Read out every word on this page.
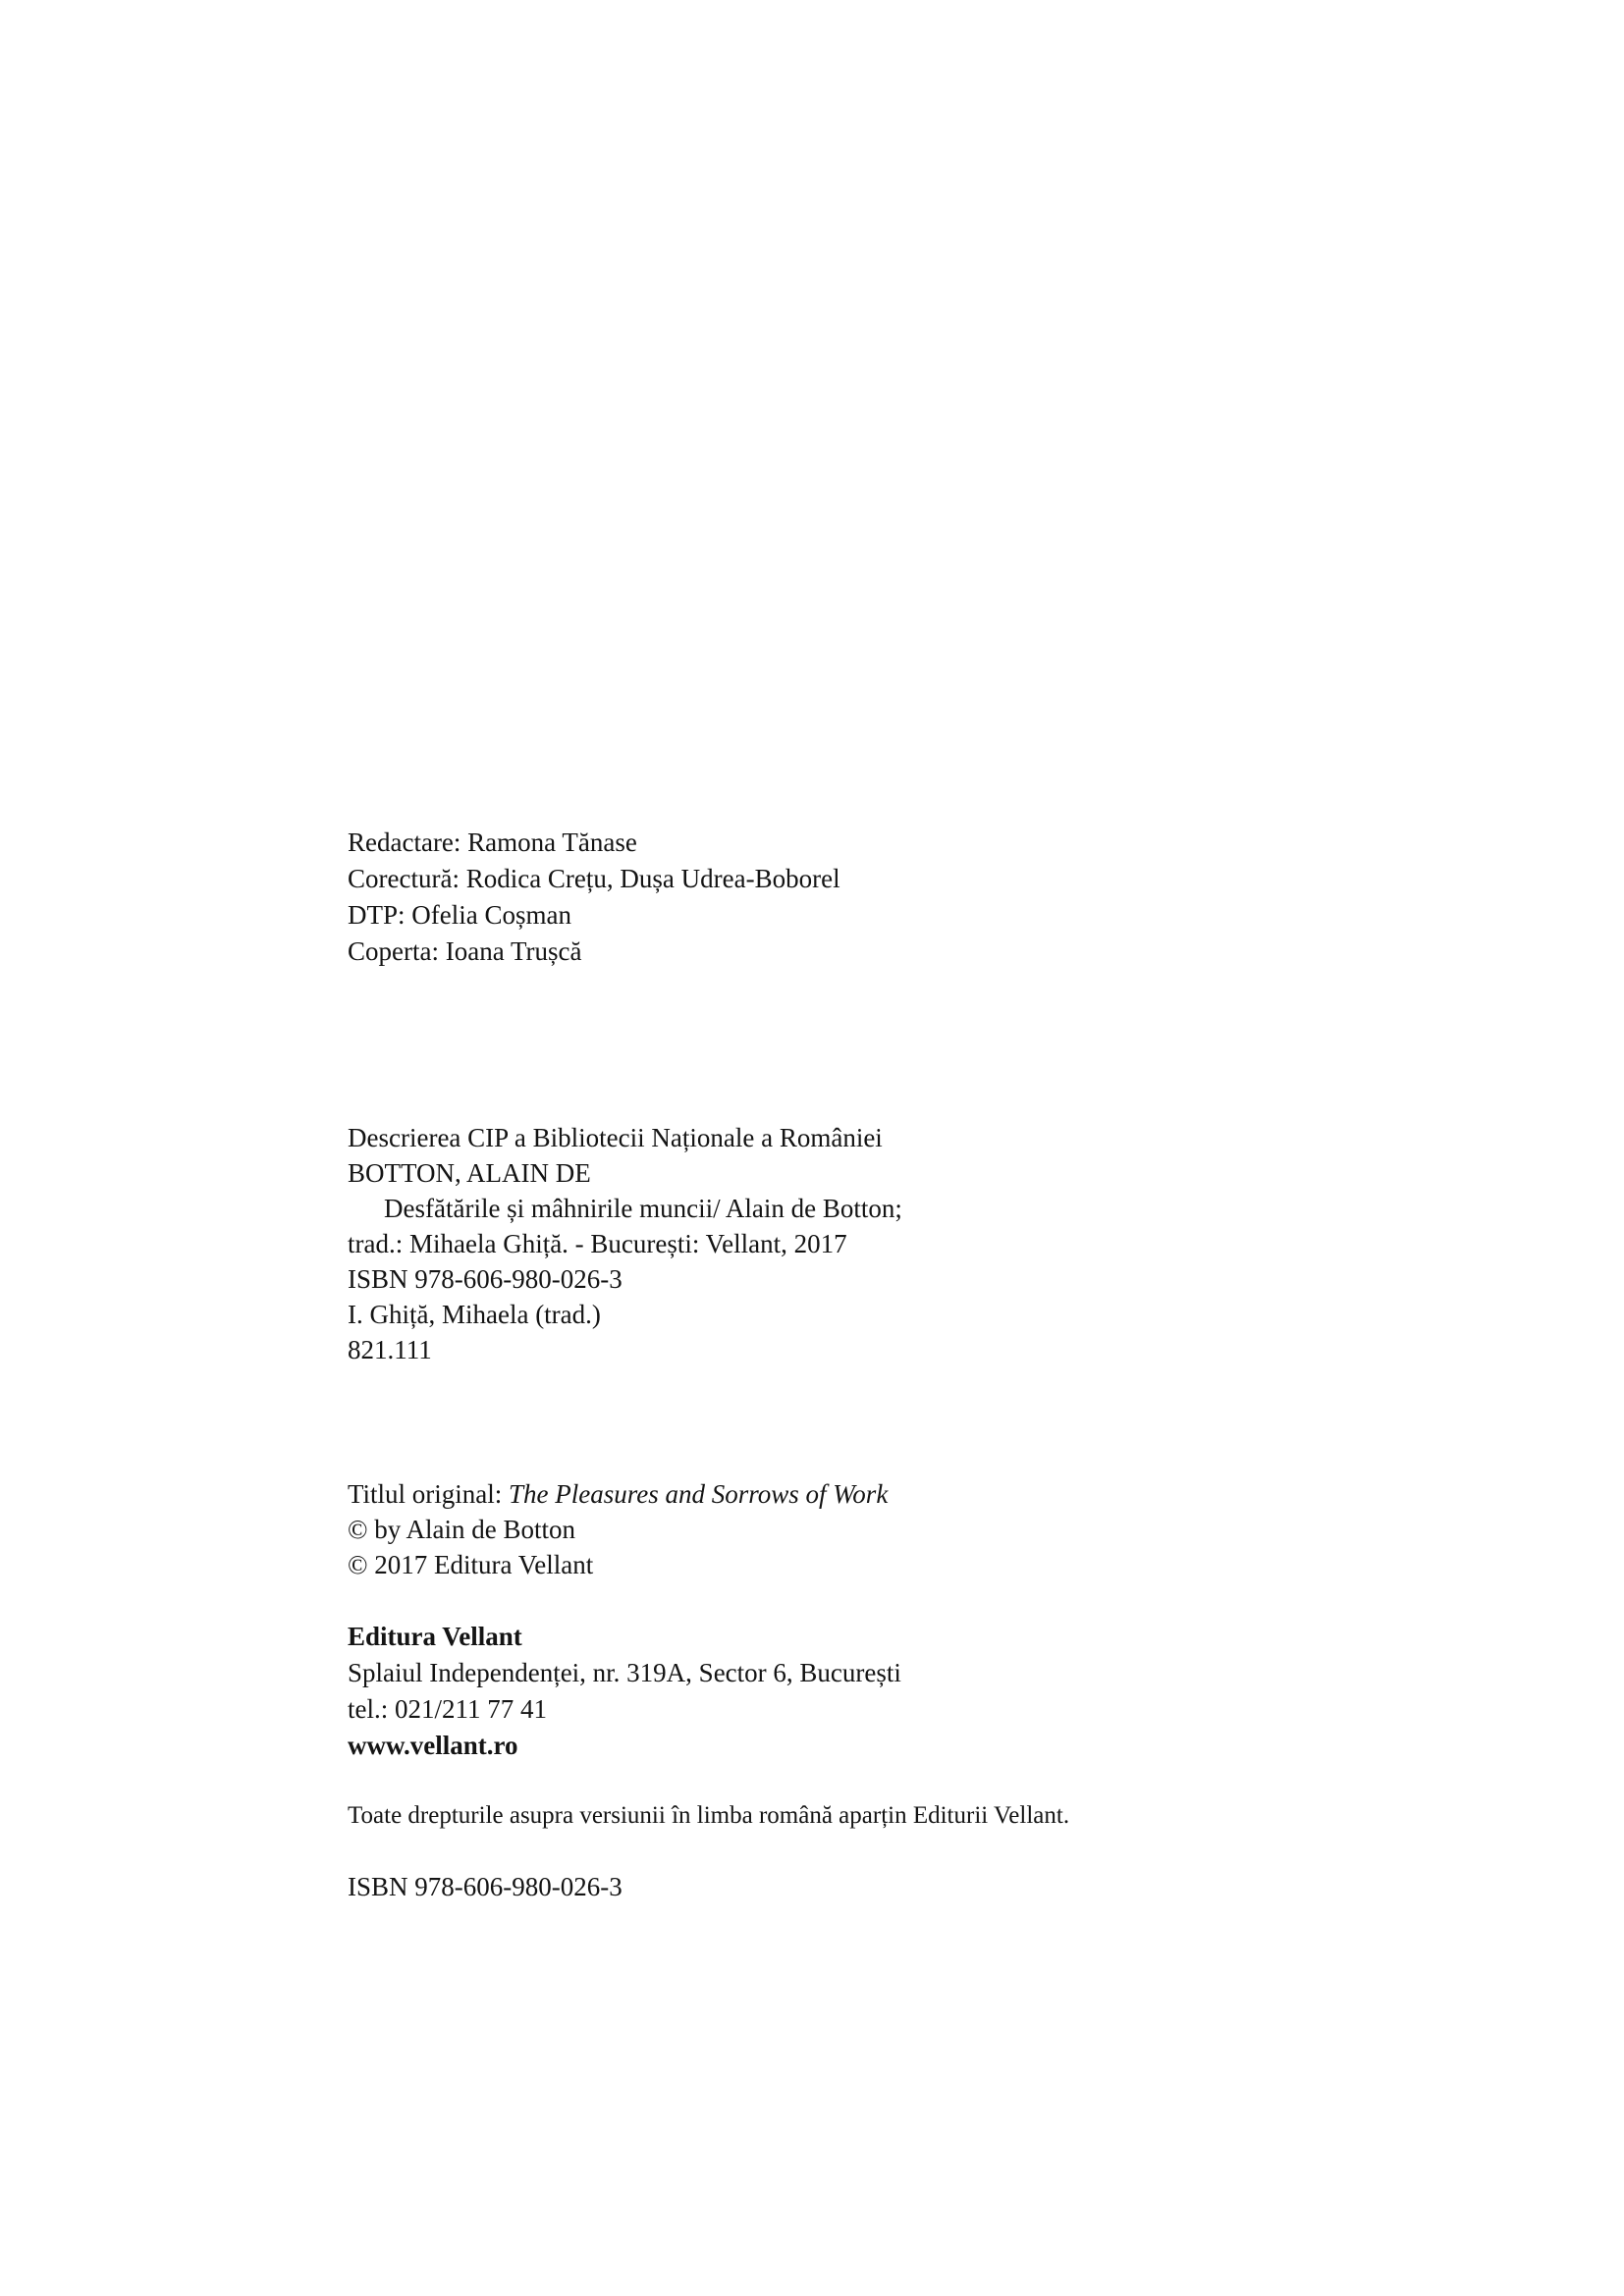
Redactare: Ramona Tănase
Corectură: Rodica Crețu, Dușa Udrea-Boborel
DTP: Ofelia Coșman
Coperta: Ioana Trușcă
Descrierea CIP a Bibliotecii Naționale a României
BOTTON, ALAIN DE
Desfătările și mâhnirile muncii/ Alain de Botton;
trad.: Mihaela Ghiță. - București: Vellant, 2017
ISBN 978-606-980-026-3
I. Ghiță, Mihaela (trad.)
821.111
Titlul original: The Pleasures and Sorrows of Work
© by Alain de Botton
© 2017 Editura Vellant
Editura Vellant
Splaiul Independenței, nr. 319A, Sector 6, București
tel.: 021/211 77 41
www.vellant.ro
Toate drepturile asupra versiunii în limba română aparțin Editurii Vellant.
ISBN 978-606-980-026-3
